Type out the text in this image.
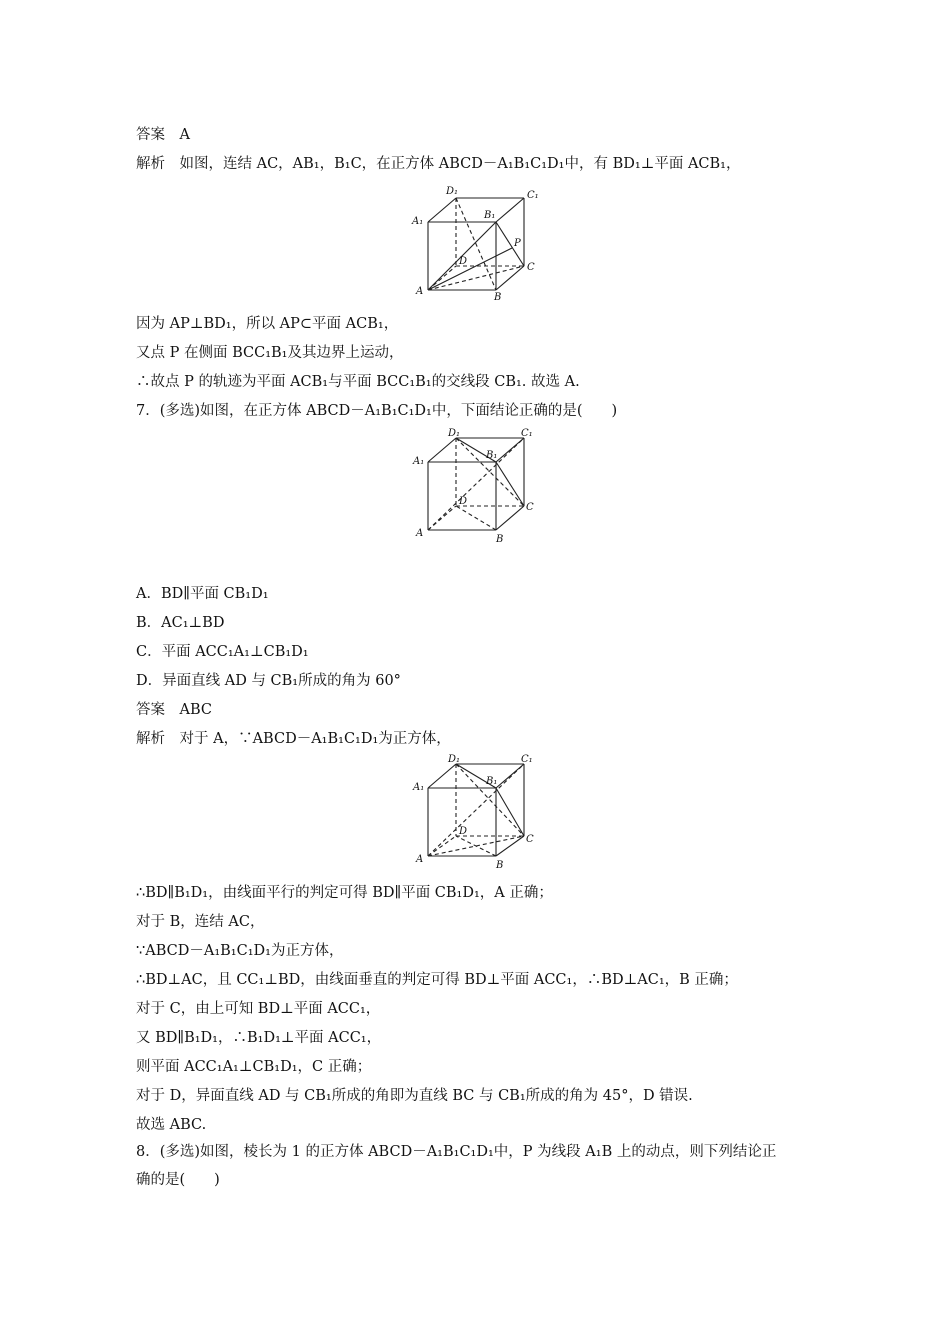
答案　A
解析　如图，连结 AC，AB₁，B₁C，在正方体 ABCD－A₁B₁C₁D₁中，有 BD₁⊥平面 ACB₁，
D₁	C₁
A₁
B₁
P
D
C
A
B
因为 AP⊥BD₁，所以 AP⊂平面 ACB₁，
又点 P 在侧面 BCC₁B₁及其边界上运动，
∴故点 P 的轨迹为平面 ACB₁与平面 BCC₁B₁的交线段 CB₁. 故选 A.
7．(多选)如图，在正方体 ABCD－A₁B₁C₁D₁中，下面结论正确的是(　　)
D₁	C₁
A₁
B₁
D
C
A
B
A．BD∥平面 CB₁D₁
B．AC₁⊥BD
C．平面 ACC₁A₁⊥CB₁D₁
D．异面直线 AD 与 CB₁所成的角为 60°
答案　ABC
解析　对于 A，∵ABCD－A₁B₁C₁D₁为正方体，
D₁	C₁
A₁
B₁
D
C
A
B
∴BD∥B₁D₁，由线面平行的判定可得 BD∥平面 CB₁D₁，A 正确；
对于 B，连结 AC，
∵ABCD－A₁B₁C₁D₁为正方体，
∴BD⊥AC，且 CC₁⊥BD，由线面垂直的判定可得 BD⊥平面 ACC₁，∴BD⊥AC₁，B 正确；
对于 C，由上可知 BD⊥平面 ACC₁，
又 BD∥B₁D₁，∴B₁D₁⊥平面 ACC₁，
则平面 ACC₁A₁⊥CB₁D₁，C 正确；
对于 D，异面直线 AD 与 CB₁所成的角即为直线 BC 与 CB₁所成的角为 45°，D 错误.
故选 ABC.
8．(多选)如图，棱长为 1 的正方体 ABCD－A₁B₁C₁D₁中，P 为线段 A₁B 上的动点，则下列结论正
确的是(　　)
